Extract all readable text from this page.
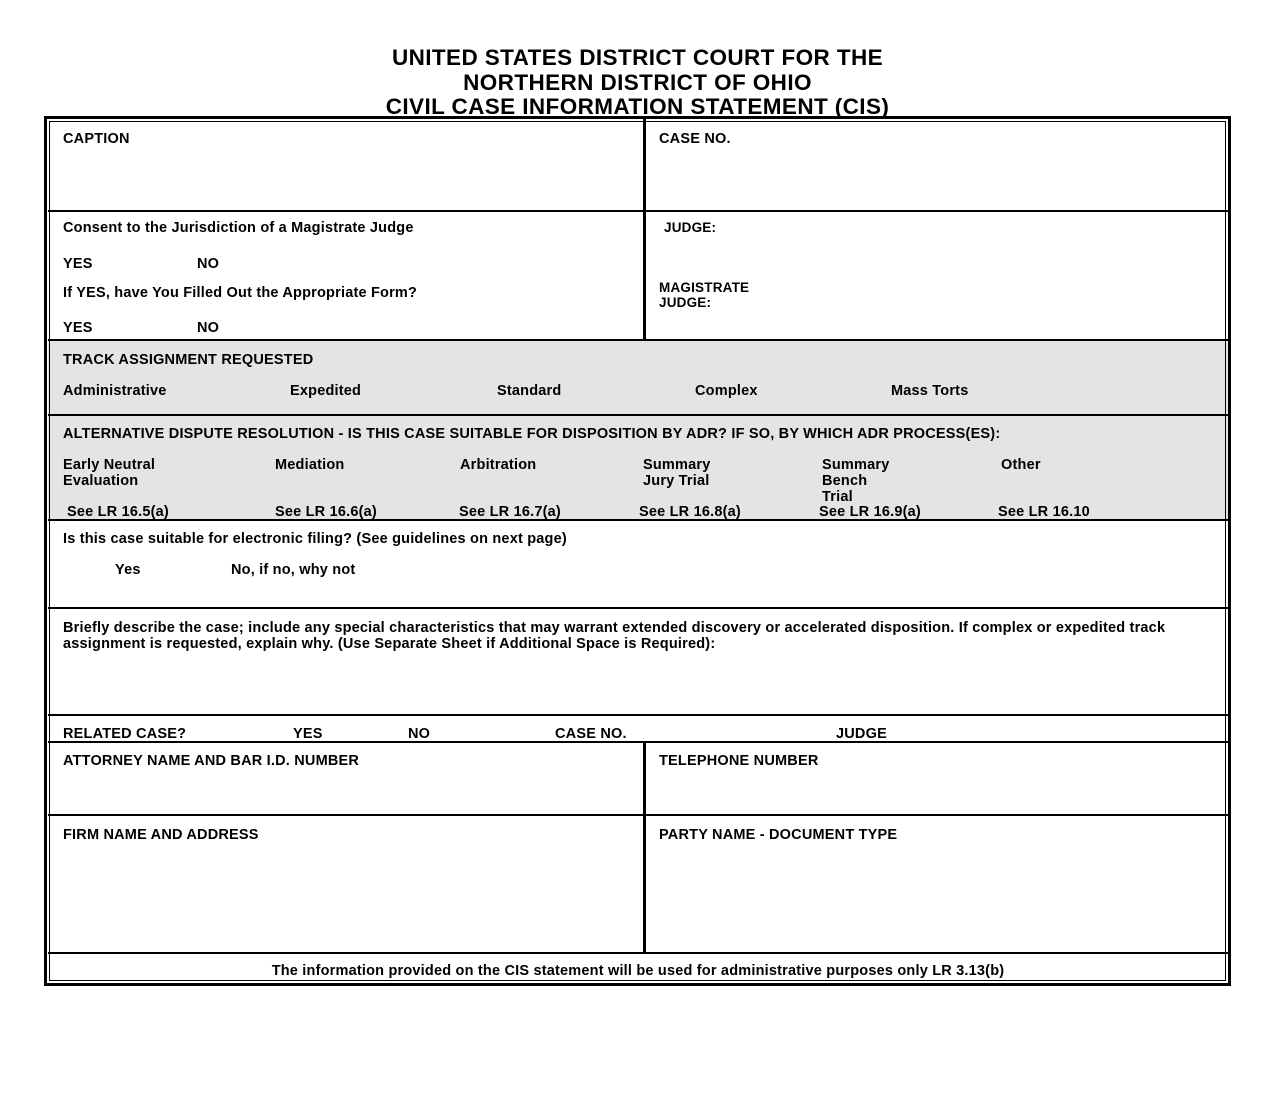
UNITED STATES DISTRICT COURT FOR THE
NORTHERN DISTRICT OF OHIO
CIVIL CASE INFORMATION STATEMENT (CIS)
CAPTION	CASE NO.
Consent to the Jurisdiction of a Magistrate Judge
YES	NO
If YES, have You Filled Out the Appropriate Form?
YES	NO
JUDGE:
MAGISTRATE
JUDGE:
TRACK ASSIGNMENT REQUESTED
Administrative	Expedited	Standard	Complex	Mass Torts
ALTERNATIVE DISPUTE RESOLUTION - IS THIS CASE SUITABLE FOR DISPOSITION BY ADR? IF SO, BY WHICH ADR PROCESS(ES):
Early Neutral
Evaluation
See LR 16.5(a)
Mediation
See LR 16.6(a)
Arbitration
See LR 16.7(a)
Summary
Jury Trial
See LR 16.8(a)
Summary
Bench
Trial
See LR 16.9(a)
Other
See LR 16.10
Is this case suitable for electronic filing? (See guidelines on next page)
Yes	No, if no, why not
Briefly describe the case; include any special characteristics that may warrant extended discovery or accelerated disposition. If complex or expedited track assignment is requested, explain why. (Use Separate Sheet if Additional Space is Required):
RELATED CASE?	YES	NO	CASE NO.	JUDGE
ATTORNEY NAME AND BAR I.D. NUMBER	TELEPHONE NUMBER
FIRM NAME AND ADDRESS	PARTY NAME - DOCUMENT TYPE
The information provided on the CIS statement will be used for administrative purposes only LR 3.13(b)
